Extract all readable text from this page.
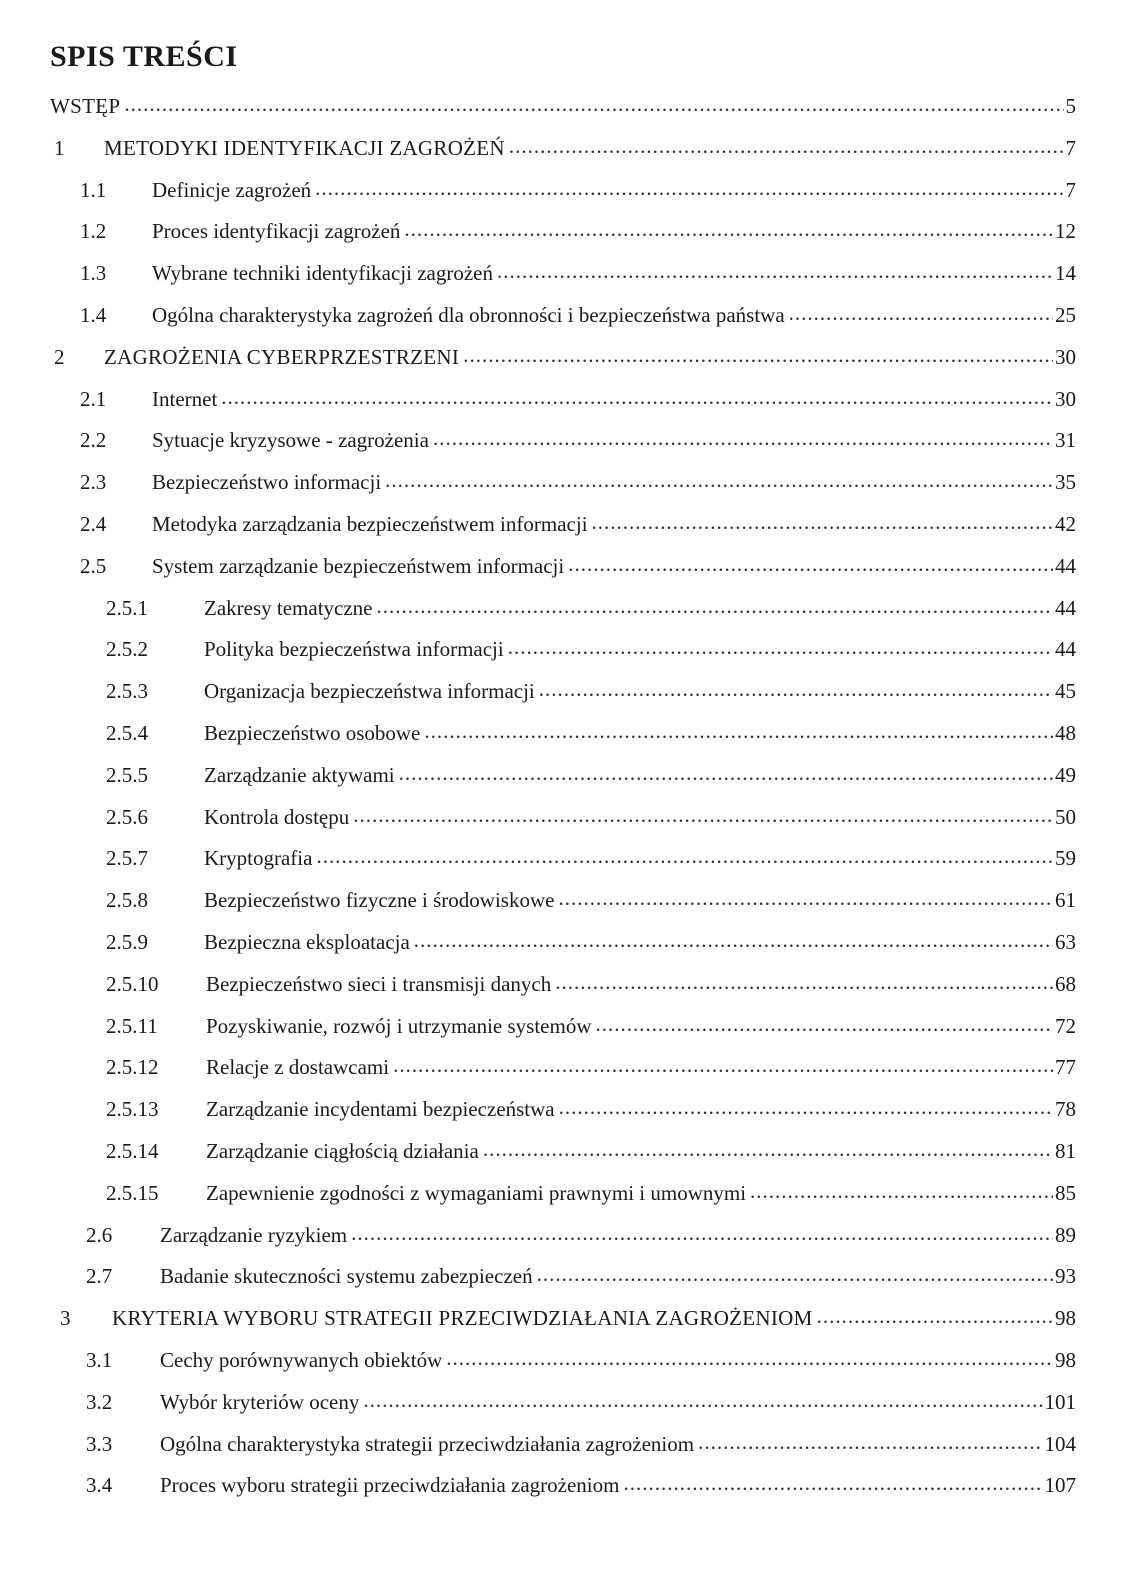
SPIS TREŚCI
WSTĘP .....	5
1	METODYKI IDENTYFIKACJI ZAGROŻEŃ .....	7
1.1	Definicje zagrożeń .....	7
1.2	Proces identyfikacji zagrożeń .....	12
1.3	Wybrane techniki identyfikacji zagrożeń .....	14
1.4	Ogólna charakterystyka zagrożeń dla obronności i bezpieczeństwa państwa .....	25
2	ZAGROŻENIA CYBERPRZESTRZENI .....	30
2.1	Internet .....	30
2.2	Sytuacje kryzysowe - zagrożenia .....	31
2.3	Bezpieczeństwo informacji .....	35
2.4	Metodyka zarządzania bezpieczeństwem informacji .....	42
2.5	System zarządzanie bezpieczeństwem informacji .....	44
2.5.1	Zakresy tematyczne .....	44
2.5.2	Polityka bezpieczeństwa informacji .....	44
2.5.3	Organizacja bezpieczeństwa informacji .....	45
2.5.4	Bezpieczeństwo osobowe .....	48
2.5.5	Zarządzanie aktywami .....	49
2.5.6	Kontrola dostępu .....	50
2.5.7	Kryptografia .....	59
2.5.8	Bezpieczeństwo fizyczne i środowiskowe .....	61
2.5.9	Bezpieczna eksploatacja .....	63
2.5.10	Bezpieczeństwo sieci i transmisji danych .....	68
2.5.11	Pozyskiwanie, rozwój i utrzymanie systemów .....	72
2.5.12	Relacje z dostawcami .....	77
2.5.13	Zarządzanie incydentami bezpieczeństwa .....	78
2.5.14	Zarządzanie ciągłością działania .....	81
2.5.15	Zapewnienie zgodności z wymaganiami prawnymi i umownymi .....	85
2.6	Zarządzanie ryzykiem .....	89
2.7	Badanie skuteczności systemu zabezpieczeń .....	93
3	KRYTERIA WYBORU STRATEGII PRZECIWDZIAŁANIA ZAGROŻENIOM .....	98
3.1	Cechy porównywanych obiektów .....	98
3.2	Wybór kryteriów oceny .....	101
3.3	Ogólna charakterystyka strategii przeciwdziałania zagrożeniom .....	104
3.4	Proces wyboru strategii przeciwdziałania zagrożeniom .....	107
